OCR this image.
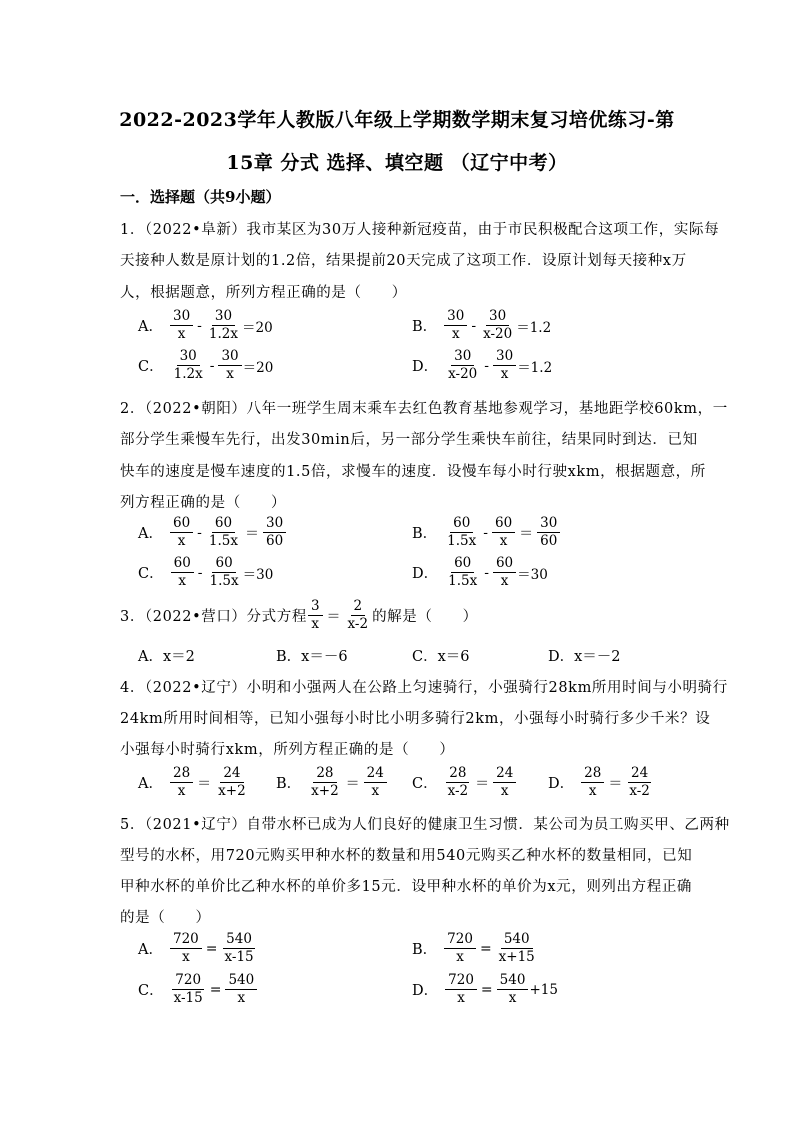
2022-2023学年人教版八年级上学期数学期末复习培优练习-第
15章 分式 选择、填空题 （辽宁中考）
一．选择题（共9小题）
1．（2022•阜新）我市某区为30万人接种新冠疫苗，由于市民积极配合这项工作，实际每
天接种人数是原计划的1.2倍，结果提前20天完成了这项工作．设原计划每天接种x万
人，根据题意，所列方程正确的是（　　）
A． $\frac{30}{x} - \frac{30}{1.2x} =20$	B． $\frac{30}{x} - \frac{30}{x-20} =1.2$
C． $\frac{30}{1.2x} - \frac{30}{x} =20$	D． $\frac{30}{x-20} - \frac{30}{x} =1.2$
2．（2022•朝阳）八年一班学生周末乘车去红色教育基地参观学习，基地距学校60km，一
部分学生乘慢车先行，出发30min后，另一部分学生乘快车前往，结果同时到达．已知
快车的速度是慢车速度的1.5倍，求慢车的速度．设慢车每小时行驶xkm，根据题意，所
列方程正确的是（　　）
A． $\frac{60}{x} - \frac{60}{1.5x} = \frac{30}{60}$	B． $\frac{60}{1.5x} - \frac{60}{x} = \frac{30}{60}$
C． $\frac{60}{x} - \frac{60}{1.5x} =30$	D． $\frac{60}{1.5x} - \frac{60}{x} =30$
3．（2022•营口）分式方程 $\frac{3}{x} = \frac{2}{x-2}$ 的解是（　　）
A．x＝2	B．x＝－6	C．x＝6	D．x＝－2
4．（2022•辽宁）小明和小强两人在公路上匀速骑行，小强骑行28km所用时间与小明骑行
24km所用时间相等，已知小强每小时比小明多骑行2km，小强每小时骑行多少千米？设
小强每小时骑行xkm，所列方程正确的是（　　）
A． $\frac{28}{x} = \frac{24}{x+2}$ B． $\frac{28}{x+2} = \frac{24}{x}$ C． $\frac{28}{x-2} = \frac{24}{x}$ D． $\frac{28}{x} = \frac{24}{x-2}$
5．（2021•辽宁）自带水杯已成为人们良好的健康卫生习惯．某公司为员工购买甲、乙两种
型号的水杯，用720元购买甲种水杯的数量和用540元购买乙种水杯的数量相同，已知
甲种水杯的单价比乙种水杯的单价多15元．设甲种水杯的单价为x元，则列出方程正确
的是（　　）
A． $\frac{720}{x} = \frac{540}{x-15}$	B． $\frac{720}{x} = \frac{540}{x+15}$
C． $\frac{720}{x-15} = \frac{540}{x}$	D． $\frac{720}{x} = \frac{540}{x} +15$
